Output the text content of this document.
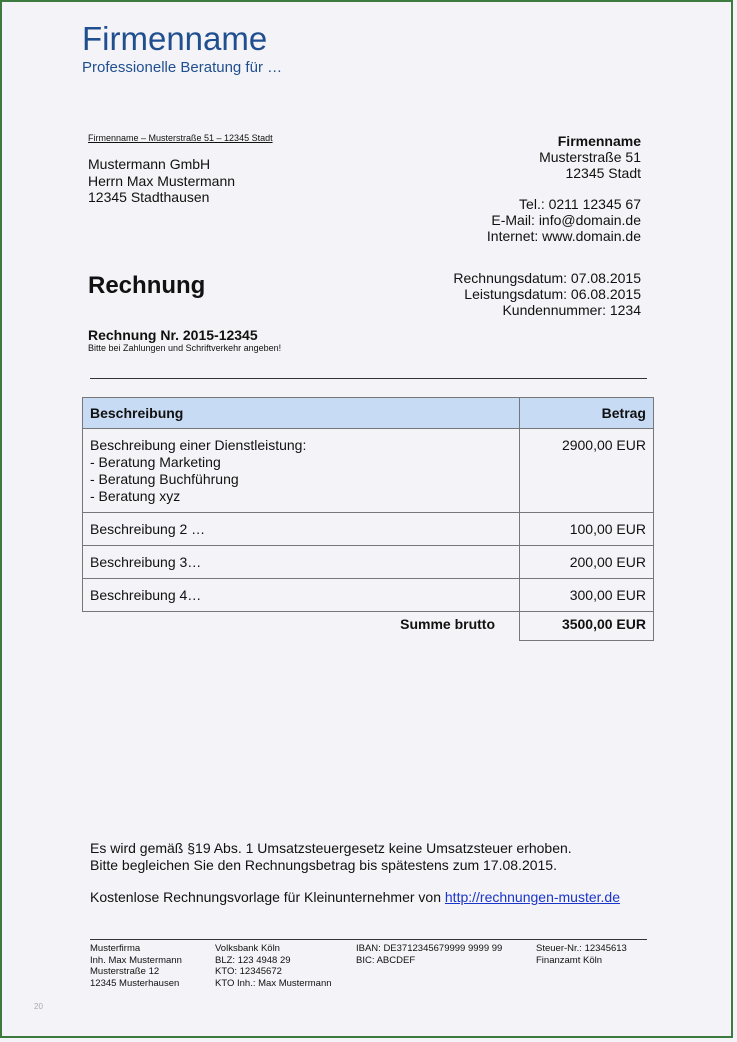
Firmenname
Professionelle Beratung für …
Firmenname – Musterstraße 51 – 12345 Stadt
Mustermann GmbH
Herrn Max Mustermann
12345 Stadthausen
Firmenname
Musterstraße 51
12345 Stadt
Tel.: 0211 12345 67
E-Mail: info@domain.de
Internet: www.domain.de
Rechnung	Rechnungsdatum: 07.08.2015
Leistungsdatum: 06.08.2015
Kundennummer: 1234
Rechnung Nr. 2015-12345
Bitte bei Zahlungen und Schriftverkehr angeben!
Beschreibung	Betrag

Beschreibung einer Dienstleistung:
- Beratung Marketing
- Beratung Buchführung
- Beratung xyz	2900,00 EUR
Beschreibung 2 …	100,00 EUR
Beschreibung 3…	200,00 EUR
Beschreibung 4…	300,00 EUR
Summe brutto	3500,00 EUR
Es wird gemäß §19 Abs. 1 Umsatzsteuergesetz keine Umsatzsteuer erhoben.
Bitte begleichen Sie den Rechnungsbetrag bis spätestens zum 17.08.2015.
Kostenlose Rechnungsvorlage für Kleinunternehmer von http://rechnungen-muster.de
Musterfirma
Inh. Max Mustermann
Musterstraße 12
12345 Musterhausen
Volksbank Köln
BLZ: 123 4948 29
KTO: 12345672
KTO Inh.: Max Mustermann
IBAN: DE3712345679999 9999 99
BIC: ABCDEF
Steuer-Nr.: 12345613
Finanzamt Köln
20
